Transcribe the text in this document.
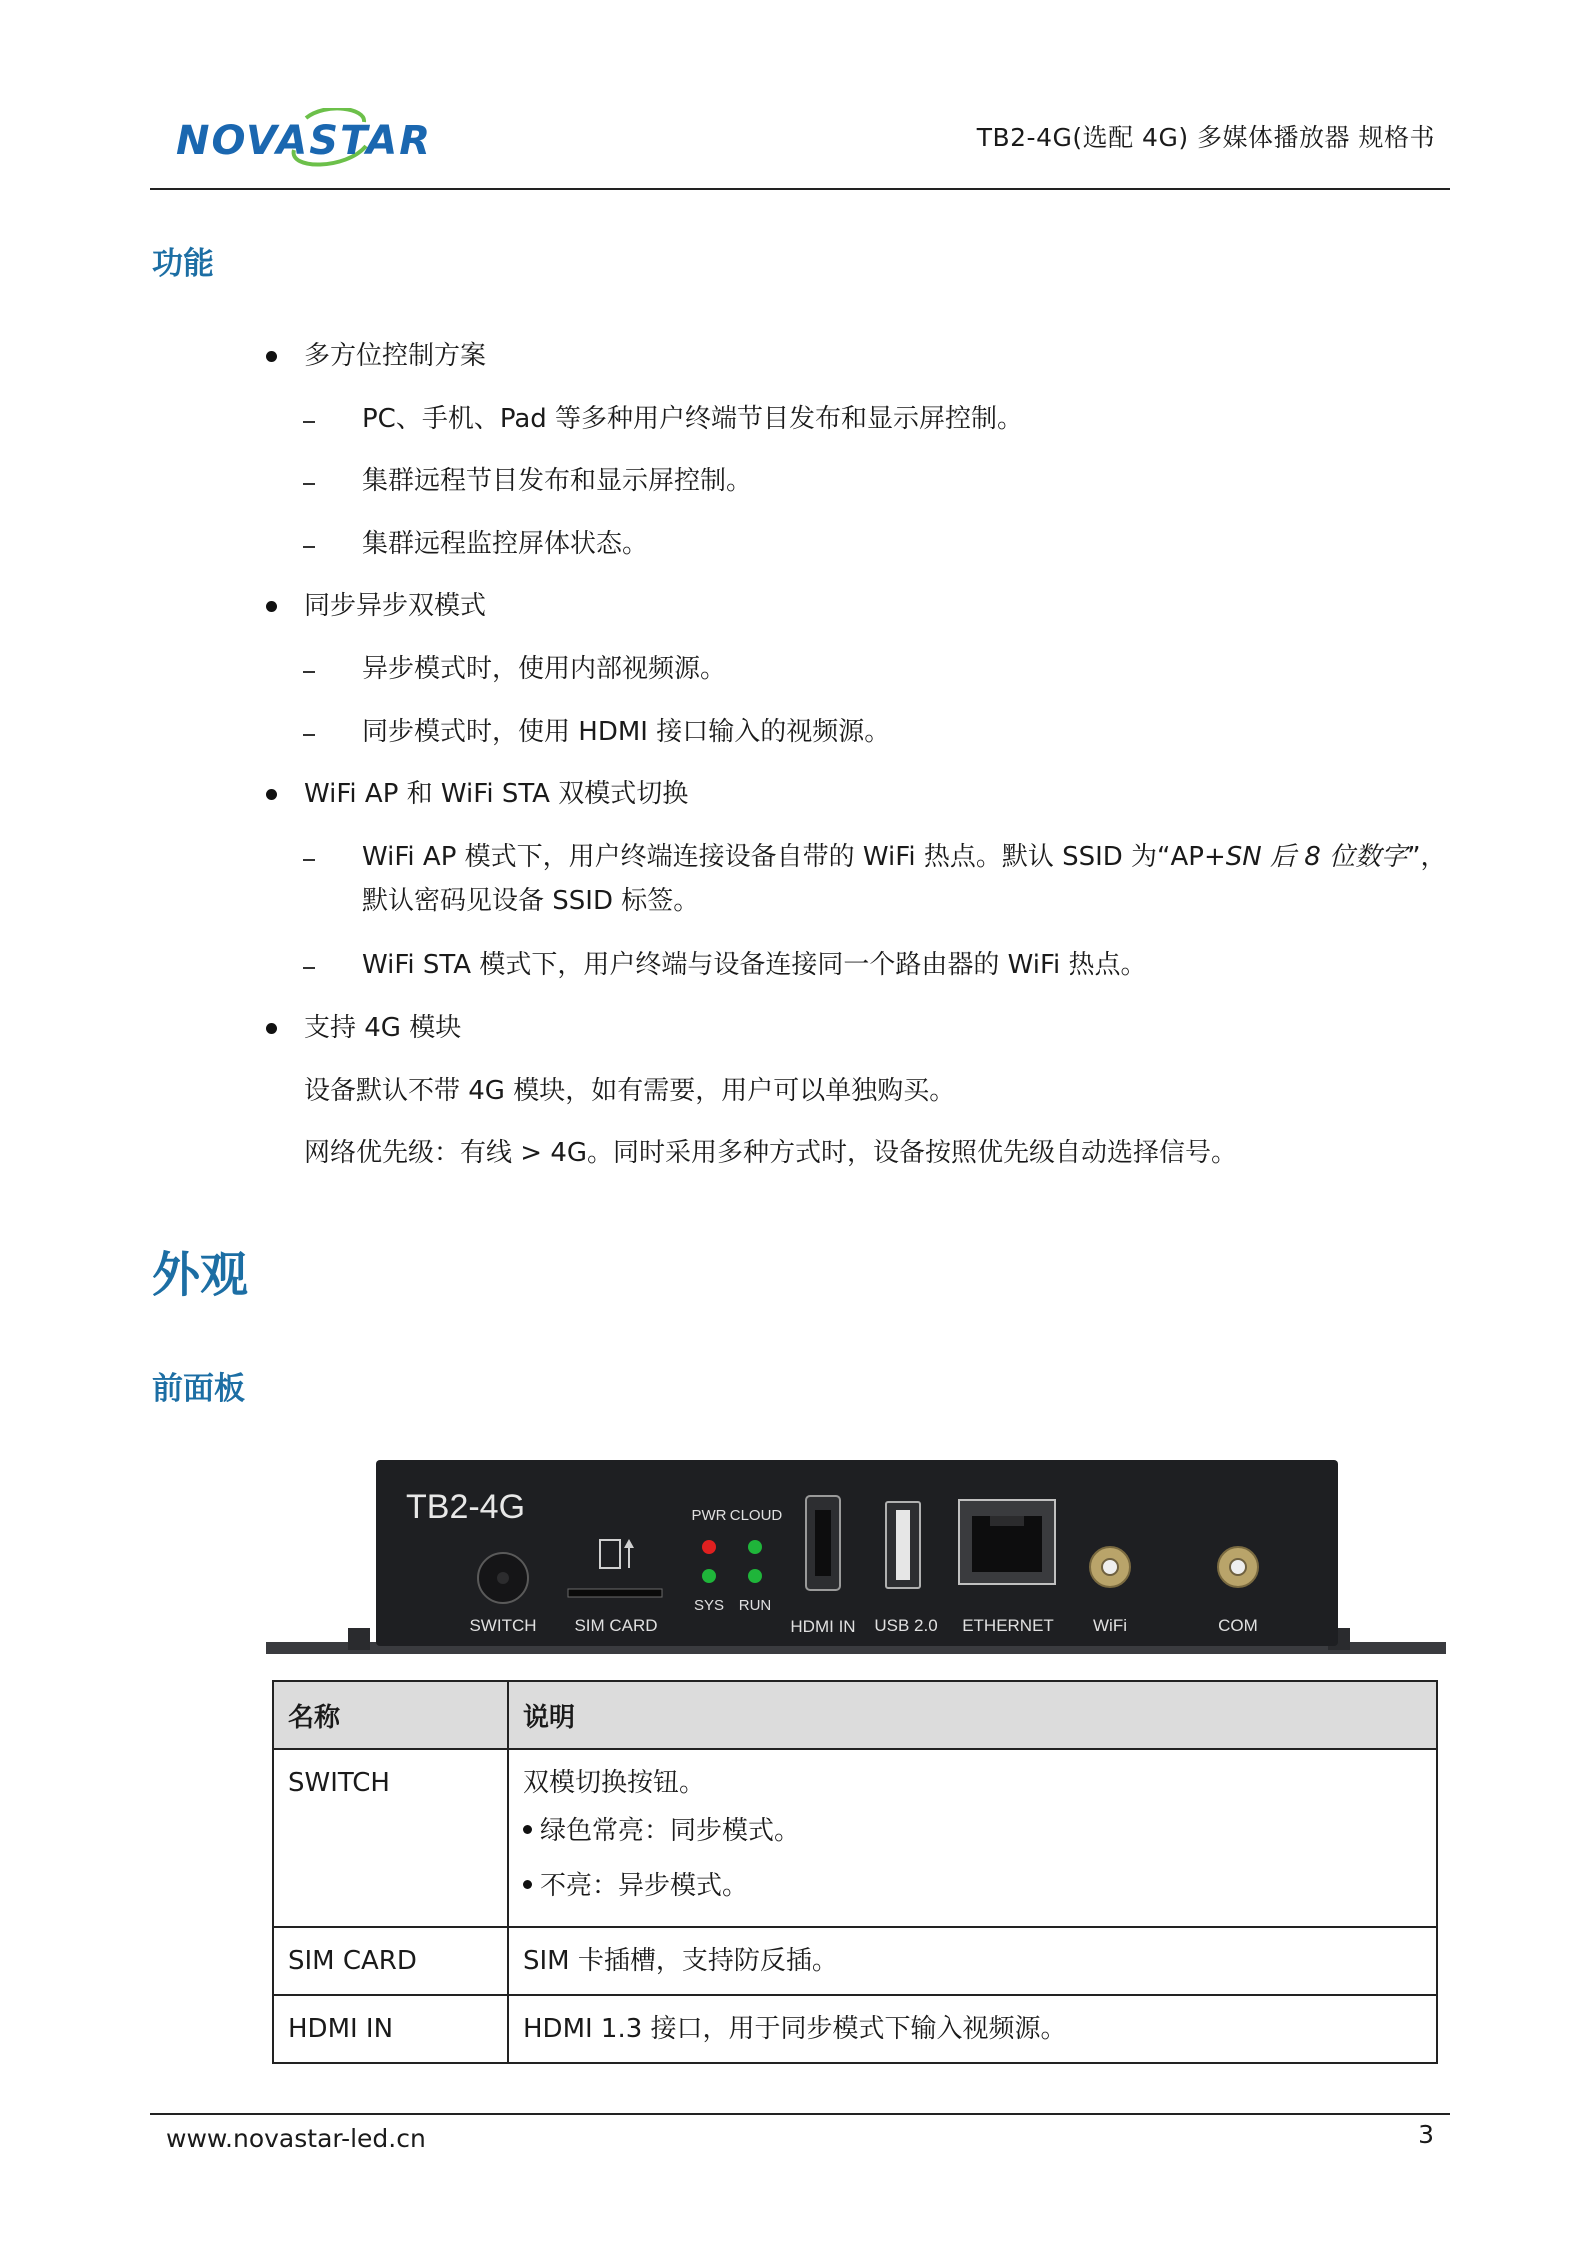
NOVASTAR	TB2-4G(选配 4G) 多媒体播放器 规格书
功能
多方位控制方案
PC、手机、Pad 等多种用户终端节目发布和显示屏控制。
集群远程节目发布和显示屏控制。
集群远程监控屏体状态。
同步异步双模式
异步模式时，使用内部视频源。
同步模式时，使用 HDMI 接口输入的视频源。
WiFi AP 和 WiFi STA 双模式切换
WiFi AP 模式下，用户终端连接设备自带的 WiFi 热点。默认 SSID 为“AP+SN 后 8 位数字”，
默认密码见设备 SSID 标签。
WiFi STA 模式下，用户终端与设备连接同一个路由器的 WiFi 热点。
支持 4G 模块
设备默认不带 4G 模块，如有需要，用户可以单独购买。
网络优先级：有线 > 4G。同时采用多种方式时，设备按照优先级自动选择信号。
外观
前面板
TB2-4G
SWITCH SIM CARD
PWR CLOUD
SYS RUN
HDMI IN USB 2.0 ETHERNET WiFi	COM
名称	说明

SWITCH	双模切换按钮。
绿色常亮：同步模式。
不亮：异步模式。

SIM CARD	SIM 卡插槽，支持防反插。

HDMI IN	HDMI 1.3 接口，用于同步模式下输入视频源。
www.novastar-led.cn	3
